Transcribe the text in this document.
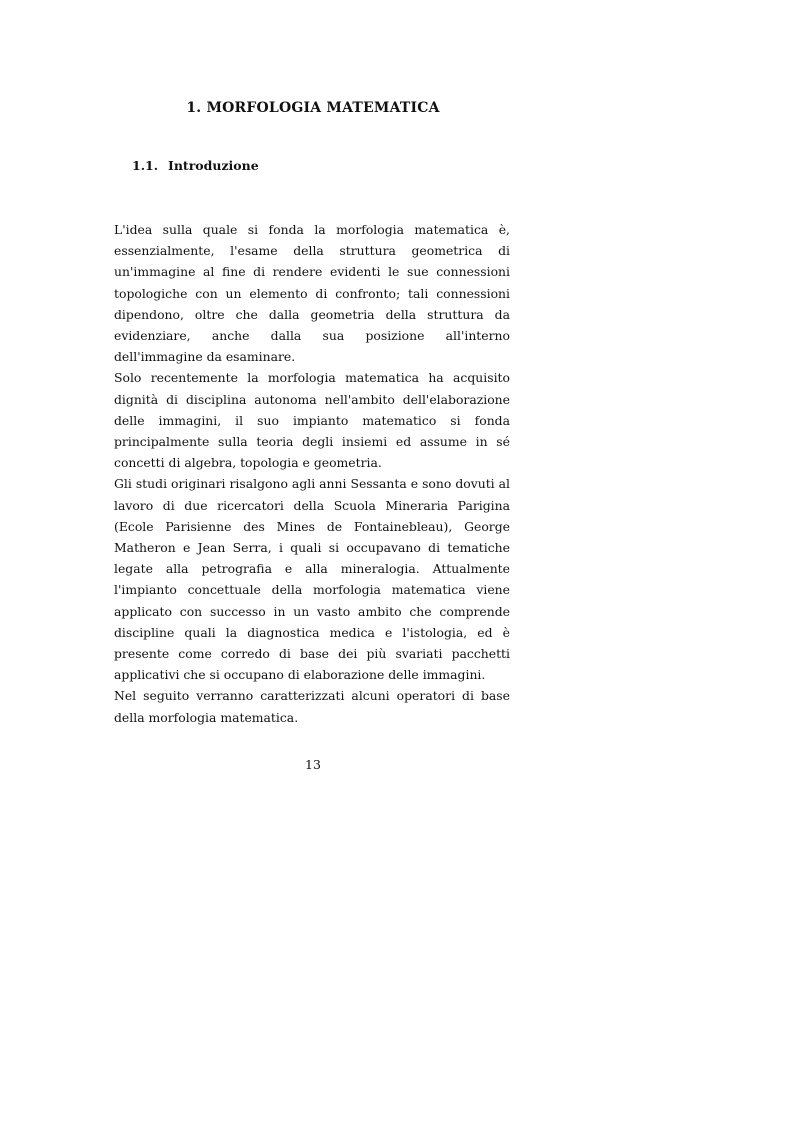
1. MORFOLOGIA MATEMATICA
1.1. Introduzione

L'idea sulla quale si fonda la morfologia matematica è, essenzialmente, l'esame della struttura geometrica di un'immagine al fine di rendere evidenti le sue connessioni topologiche con un elemento di confronto; tali connessioni dipendono, oltre che dalla geometria della struttura da evidenziare, anche dalla sua posizione all'interno dell'immagine da esaminare.

Solo recentemente la morfologia matematica ha acquisito dignità di disciplina autonoma nell'ambito dell'elaborazione delle immagini, il suo impianto matematico si fonda principalmente sulla teoria degli insiemi ed assume in sé concetti di algebra, topologia e geometria.

Gli studi originari risalgono agli anni Sessanta e sono dovuti al lavoro di due ricercatori della Scuola Mineraria Parigina (Ecole Parisienne des Mines de Fontainebleau), George Matheron e Jean Serra, i quali si occupavano di tematiche legate alla petrografia e alla mineralogia. Attualmente l'impianto concettuale della morfologia matematica viene applicato con successo in un vasto ambito che comprende discipline quali la diagnostica medica e l'istologia, ed è presente come corredo di base dei più svariati pacchetti applicativi che si occupano di elaborazione delle immagini.

Nel seguito verranno caratterizzati alcuni operatori di base della morfologia matematica.

13
